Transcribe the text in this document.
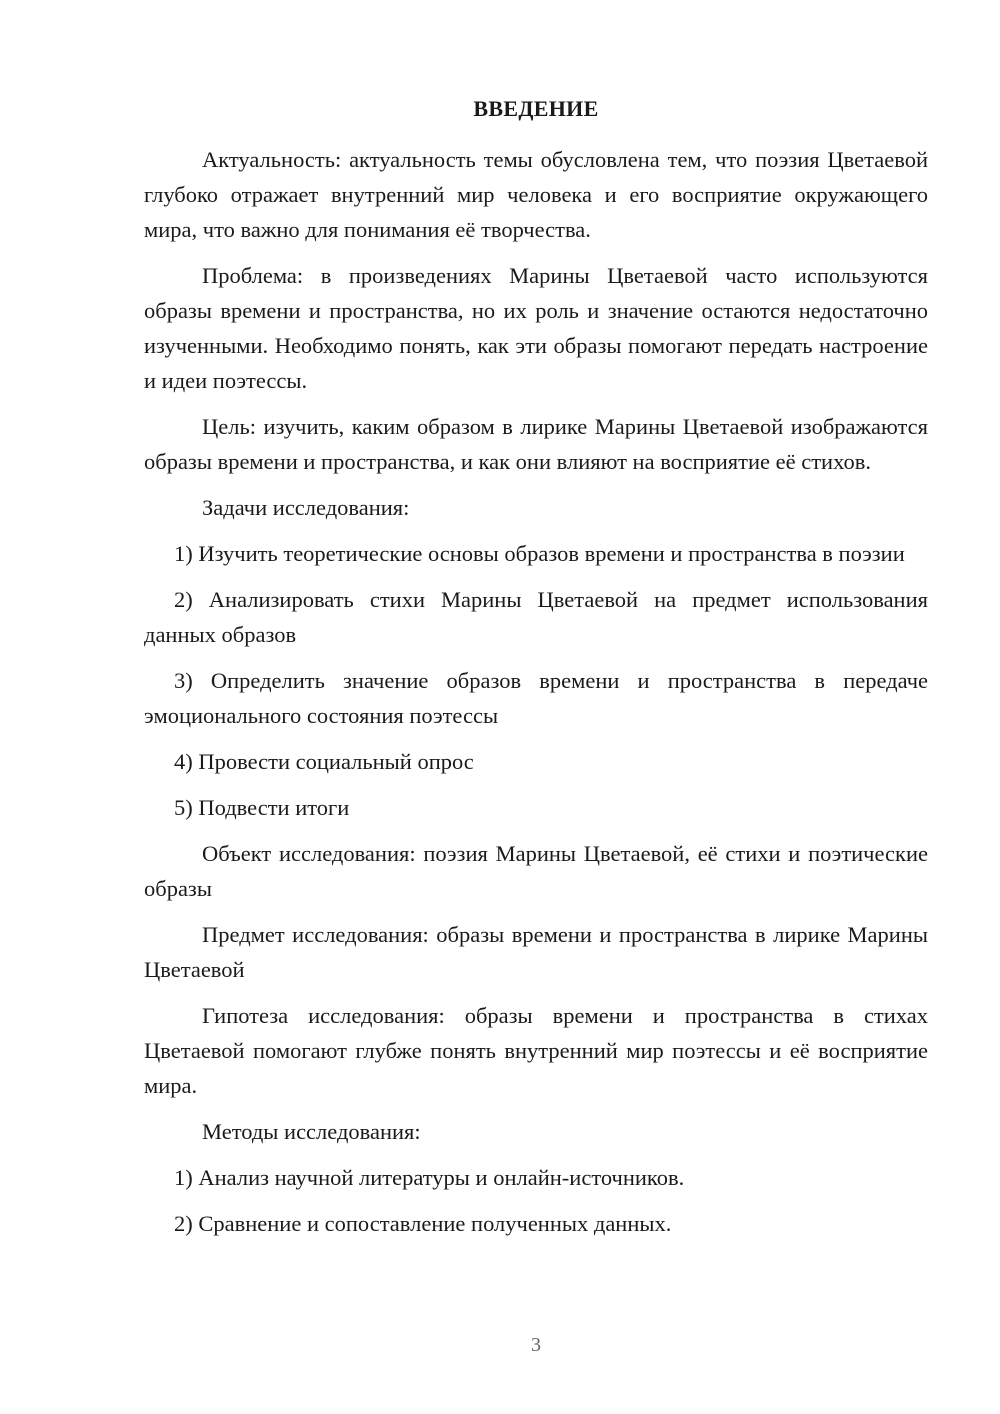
ВВЕДЕНИЕ

Актуальность: актуальность темы обусловлена тем, что поэзия Цветаевой глубоко отражает внутренний мир человека и его восприятие окружающего мира, что важно для понимания её творчества.

Проблема: в произведениях Марины Цветаевой часто используются образы времени и пространства, но их роль и значение остаются недостаточно изученными. Необходимо понять, как эти образы помогают передать настроение и идеи поэтессы.

Цель: изучить, каким образом в лирике Марины Цветаевой изображаются образы времени и пространства, и как они влияют на восприятие её стихов.

Задачи исследования:

1) Изучить теоретические основы образов времени и пространства в поэзии

2) Анализировать стихи Марины Цветаевой на предмет использования данных образов

3) Определить значение образов времени и пространства в передаче эмоционального состояния поэтессы

4) Провести социальный опрос

5) Подвести итоги

Объект исследования: поэзия Марины Цветаевой, её стихи и поэтические образы

Предмет исследования: образы времени и пространства в лирике Марины Цветаевой

Гипотеза исследования: образы времени и пространства в стихах Цветаевой помогают глубже понять внутренний мир поэтессы и её восприятие мира.

Методы исследования:

1) Анализ научной литературы и онлайн-источников.

2) Сравнение и сопоставление полученных данных.

3
